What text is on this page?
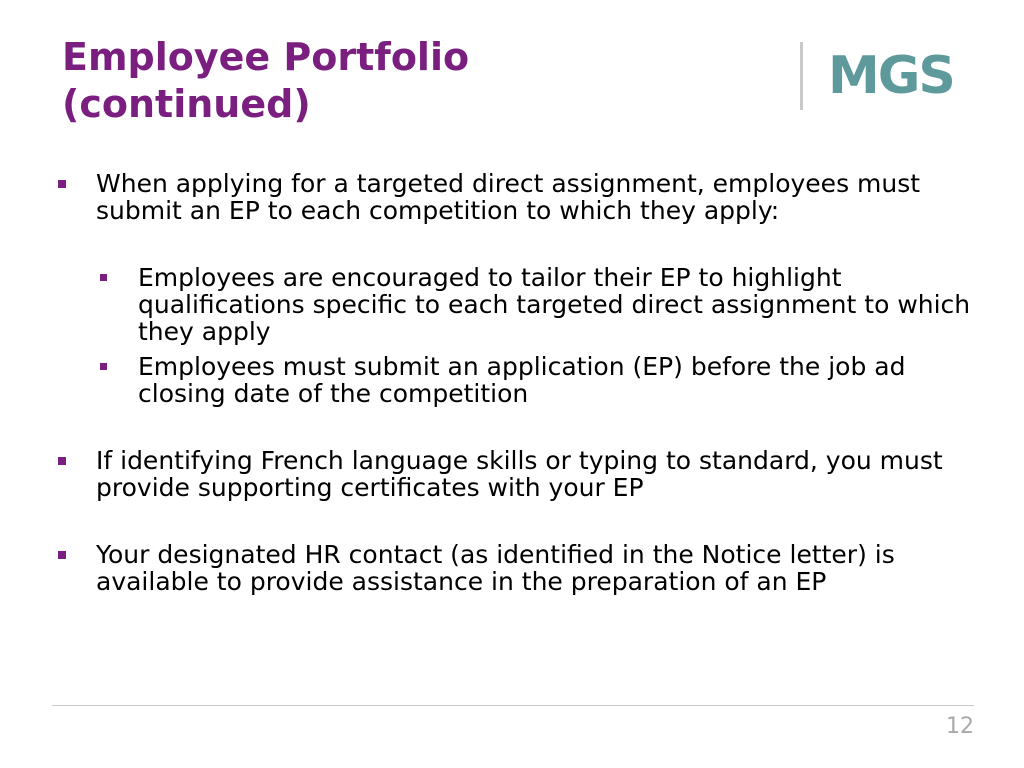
Employee Portfolio
(continued)	MGS

When applying for a targeted direct assignment, employees must submit an EP to each competition to which they apply:

Employees are encouraged to tailor their EP to highlight qualifications specific to each targeted direct assignment to which they apply

Employees must submit an application (EP) before the job ad closing date of the competition

If identifying French language skills or typing to standard, you must provide supporting certificates with your EP

Your designated HR contact (as identified in the Notice letter) is available to provide assistance in the preparation of an EP

12
